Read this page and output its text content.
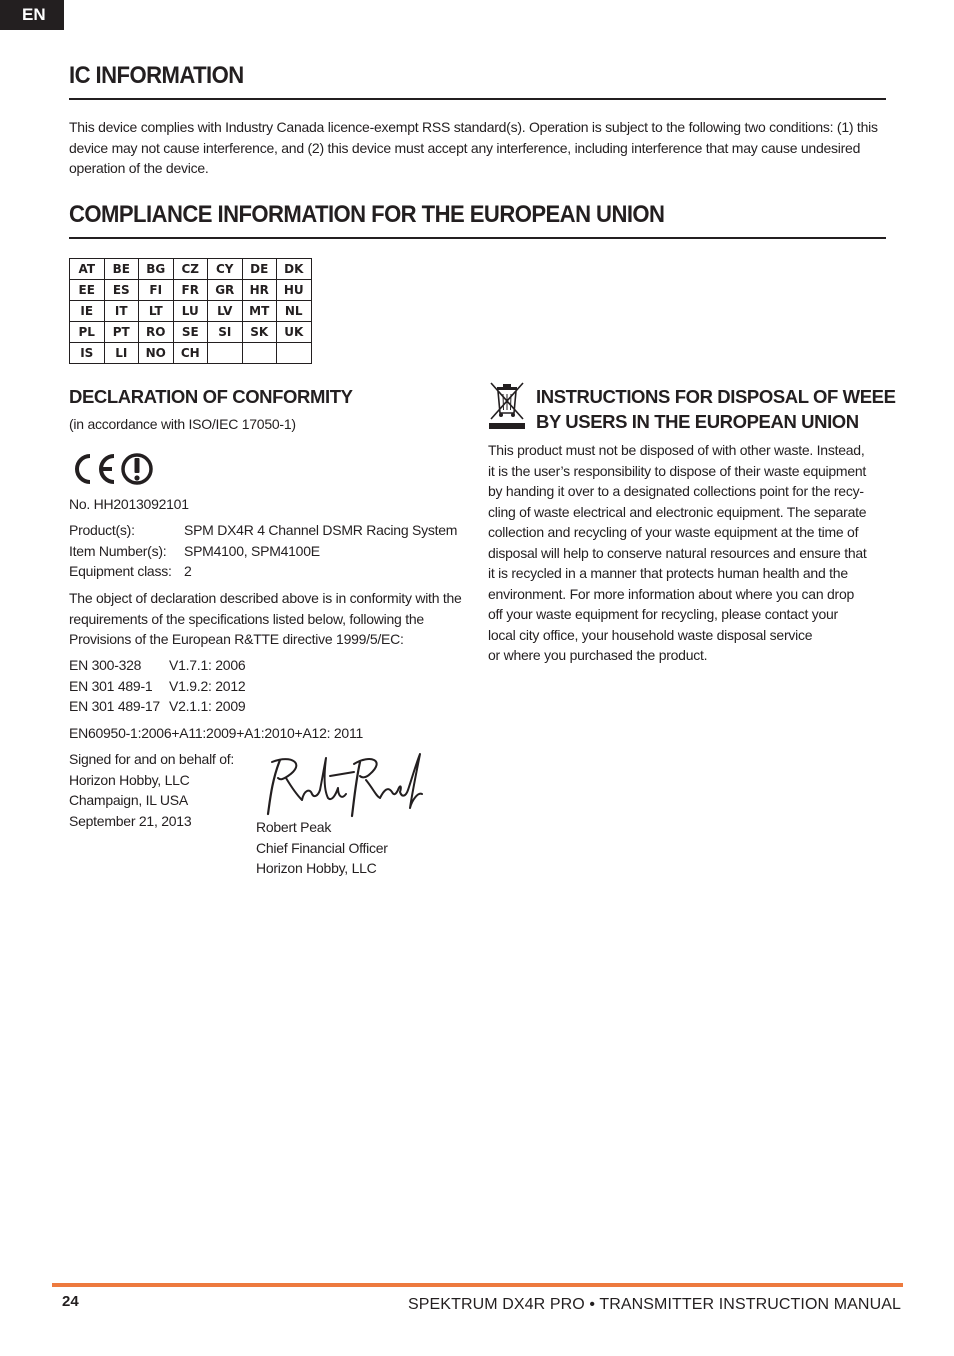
EN
IC INFORMATION
This device complies with Industry Canada licence-exempt RSS standard(s). Operation is subject to the following two conditions: (1) this device may not cause interference, and (2) this device must accept any interference, including interference that may cause undesired operation of the device.
COMPLIANCE INFORMATION FOR THE EUROPEAN UNION
AT	BE	BG	CZ	CY	DE	DK
EE	ES	FI	FR	GR	HR	HU
IE	IT	LT	LU	LV	MT	NL
PL	PT	RO	SE	SI	SK	UK
IS	LI	NO	CH			
DECLARATION OF CONFORMITY
(in accordance with ISO/IEC 17050-1)
No. HH2013092101
Product(s):	SPM DX4R 4 Channel DSMR Racing System
Item Number(s):	SPM4100, SPM4100E
Equipment class: 2
The object of declaration described above is in conformity with the requirements of the specifications listed below, following the Provisions of the European R&TTE directive 1999/5/EC:
EN 300-328	V1.7.1: 2006
EN 301 489-1	V1.9.2: 2012
EN 301 489-17 V2.1.1: 2009
EN60950-1:2006+A11:2009+A1:2010+A12: 2011
Signed for and on behalf of:
Horizon Hobby, LLC
Champaign, IL USA
September 21, 2013	Robert Peak
Chief Financial Officer
Horizon Hobby, LLC
INSTRUCTIONS FOR DISPOSAL OF WEEE
BY USERS IN THE EUROPEAN UNION
This product must not be disposed of with other waste. Instead,
it is the user’s responsibility to dispose of their waste equipment
by handing it over to a designated collections point for the recy-
cling of waste electrical and electronic equipment. The separate
collection and recycling of your waste equipment at the time of
disposal will help to conserve natural resources and ensure that
it is recycled in a manner that protects human health and the
environment. For more information about where you can drop
off your waste equipment for recycling, please contact your
local city office, your household waste disposal service
or where you purchased the product.
24	SPEKTRUM DX4R PRO • TRANSMITTER INSTRUCTION MANUAL
